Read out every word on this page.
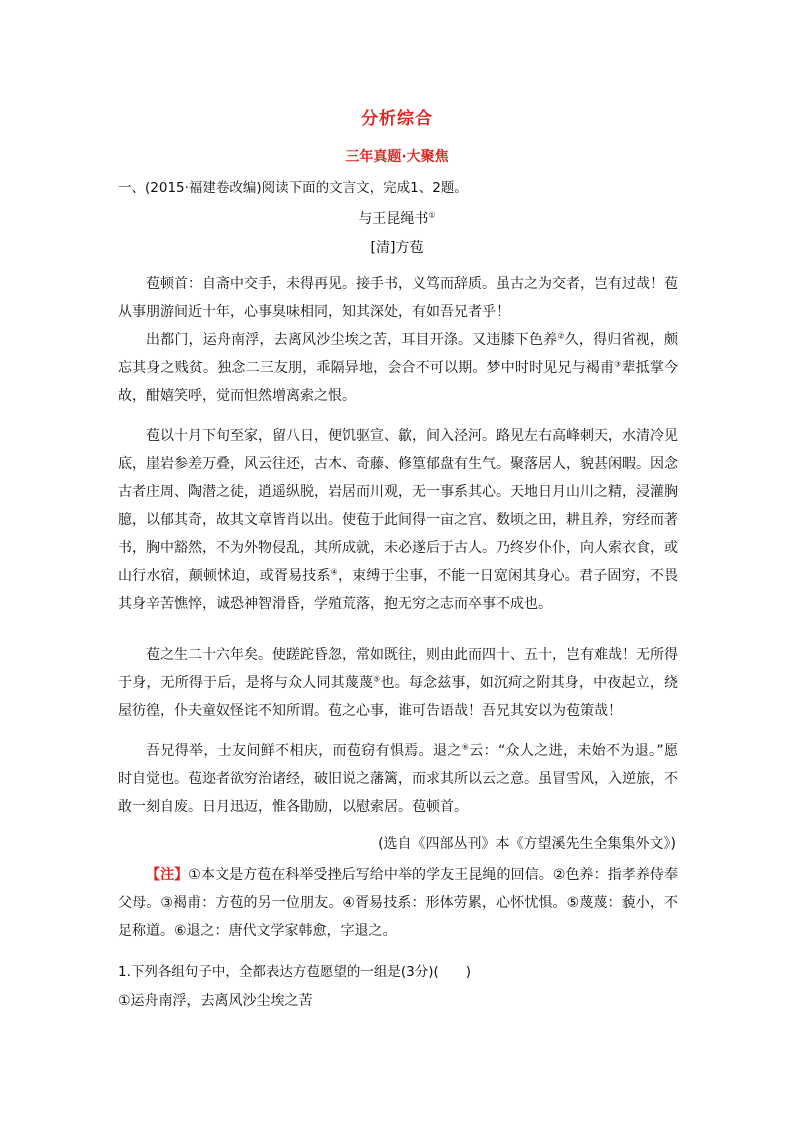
分析综合
三年真题·大聚焦
一、(2015·福建卷改编)阅读下面的文言文，完成1、2题。
与王昆绳书①
[清]方苞

苞顿首：自斋中交手，未得再见。接手书，义笃而辞质。虽古之为交者，岂有过哉！苞从事朋游间近十年，心事臭味相同，知其深处，有如吾兄者乎！

出都门，运舟南浮，去离风沙尘埃之苦，耳目开涤。又违膝下色养②久，得归省视，颇忘其身之贱贫。独念二三友朋，乖隔异地，会合不可以期。梦中时时见兄与褐甫③辈抵掌今故，酣嬉笑呼，觉而怛然增离索之恨。

苞以十月下旬至家，留八日，便饥驱宣、歙，间入泾河。路见左右高峰刺天，水清冷见底，崖岩参差万叠，风云往还，古木、奇藤、修篁郁盘有生气。聚落居人，貌甚闲暇。因念古者庄周、陶潜之徒，逍遥纵脱，岩居而川观，无一事系其心。天地日月山川之精，浸灌胸臆，以郁其奇，故其文章皆肖以出。使苞于此间得一亩之宫、数顷之田，耕且养，穷经而著书，胸中豁然，不为外物侵乱，其所成就，未必遂后于古人。乃终岁仆仆，向人索衣食，或山行水宿，颠顿怵迫，或胥易技系④，束缚于尘事，不能一日宽闲其身心。君子固穷，不畏其身辛苦憔悴，诚恐神智滑昏，学殖荒落，抱无穷之志而卒事不成也。

苞之生二十六年矣。使蹉跎昏忽，常如既往，则由此而四十、五十，岂有难哉！无所得于身，无所得于后，是将与众人同其蔑蔑⑤也。每念兹事，如沉疴之附其身，中夜起立，绕屋彷徨，仆夫童奴怪诧不知所谓。苞之心事，谁可告语哉！吾兄其安以为苞策哉！

吾兄得举，士友间鲜不相庆，而苞窃有惧焉。退之⑥云：“众人之进，未始不为退。”愿时自觉也。苞迩者欲穷治诸经，破旧说之藩篱，而求其所以云之意。虽冒雪风，入逆旅，不敢一刻自废。日月迅迈，惟各勖励，以慰索居。苞顿首。

(选自《四部丛刊》本《方望溪先生全集集外文》)

【注】①本文是方苞在科举受挫后写给中举的学友王昆绳的回信。②色养：指孝养侍奉父母。③褐甫：方苞的另一位朋友。④胥易技系：形体劳累，心怀忧惧。⑤蔑蔑：藐小，不足称道。⑥退之：唐代文学家韩愈，字退之。

1.下列各组句子中，全都表达方苞愿望的一组是(3分)(　　)
①运舟南浮，去离风沙尘埃之苦
